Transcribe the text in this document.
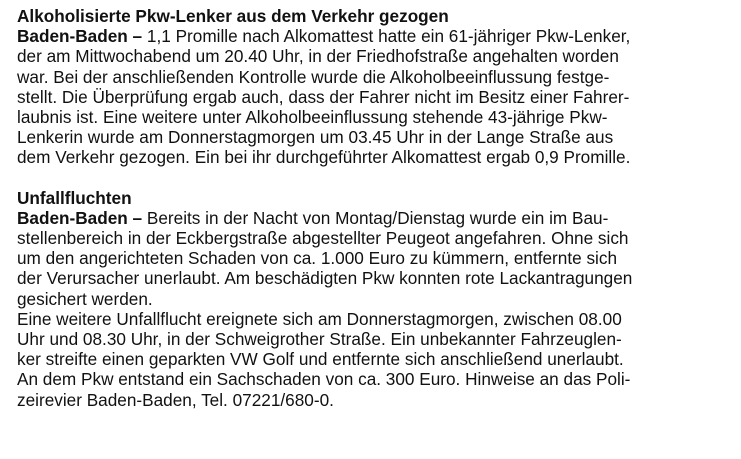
Alkoholisierte Pkw-Lenker aus dem Verkehr gezogen
Baden-Baden – 1,1 Promille nach Alkomattest hatte ein 61-jähriger Pkw-Lenker,
der am Mittwochabend um 20.40 Uhr, in der Friedhofstraße angehalten worden
war. Bei der anschließenden Kontrolle wurde die Alkoholbeeinflussung festge-
stellt. Die Überprüfung ergab auch, dass der Fahrer nicht im Besitz einer Fahrer-
laubnis ist. Eine weitere unter Alkoholbeeinflussung stehende 43-jährige Pkw-
Lenkerin wurde am Donnerstagmorgen um 03.45 Uhr in der Lange Straße aus
dem Verkehr gezogen. Ein bei ihr durchgeführter Alkomattest ergab 0,9 Promille.
Unfallfluchten
Baden-Baden – Bereits in der Nacht von Montag/Dienstag wurde ein im Bau-
stellenbereich in der Eckbergstraße abgestellter Peugeot angefahren. Ohne sich
um den angerichteten Schaden von ca. 1.000 Euro zu kümmern, entfernte sich
der Verursacher unerlaubt. Am beschädigten Pkw konnten rote Lackantragungen
gesichert werden.
Eine weitere Unfallflucht ereignete sich am Donnerstagmorgen, zwischen 08.00
Uhr und 08.30 Uhr, in der Schweigrother Straße. Ein unbekannter Fahrzeuglen-
ker streifte einen geparkten VW Golf und entfernte sich anschließend unerlaubt.
An dem Pkw entstand ein Sachschaden von ca. 300 Euro. Hinweise an das Poli-
zeirevier Baden-Baden, Tel. 07221/680-0.
